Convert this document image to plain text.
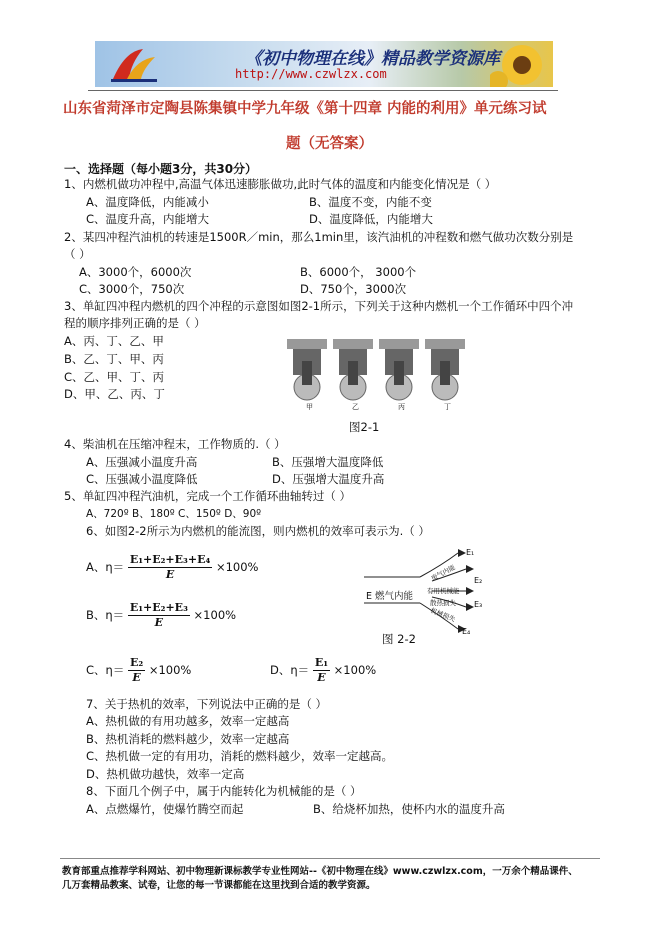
《初中物理在线》精品教学资源库
http://www.czwlzx.com
山东省菏泽市定陶县陈集镇中学九年级《第十四章 内能的利用》单元练习试
题（无答案）
一、选择题（每小题3分，共30分）
1、内燃机做功冲程中,高温气体迅速膨胀做功,此时气体的温度和内能变化情况是（ ）
A、温度降低，内能减小	B、温度不变，内能不变
C、温度升高，内能增大	D、温度降低，内能增大
2、某四冲程汽油机的转速是1500R／min，那么1min里，该汽油机的冲程数和燃气做功次数分别是
（ ）
A、3000个，6000次	B、6000个， 3000个
C、3000个，750次	D、750个，3000次
3、单缸四冲程内燃机的四个冲程的示意图如图2-1所示，下列关于这种内燃机一个工作循环中四个冲
程的顺序排列正确的是（ ）
A、丙、丁、乙、甲
B、乙、丁、甲、丙
C、乙、甲、丁、丙
D、甲、乙、丙、丁
甲	乙	丙	丁
图2-1
4、柴油机在压缩冲程末，工作物质的.（ ）
A、压强减小温度升高	B、压强增大温度降低
C、压强减小温度降低	D、压强增大温度升高
5、单缸四冲程汽油机，完成一个工作循环曲轴转过（ ）
A、720º B、180º C、150º D、90º
6、如图2-2所示为内燃机的能流图，则内燃机的效率可表示为.（ ）
A、$\eta= \frac{\text{E₁+E₂+E₃+E₄}}{E} \times 100\%$
B、$\eta= \frac{\text{E₁+E₂+E₃}}{E} \times 100\%$
C、$\eta= \frac{\text{E₂}}{E} \times 100\%$	D、$\eta= \frac{\text{E₁}}{E} \times 100\%$
E 燃气内能
废气内能
有用机械能
散热损失
机械损失
E₁
E₂
E₃
E₄
图 2-2
7、关于热机的效率，下列说法中正确的是（ ）
A、热机做的有用功越多，效率一定越高
B、热机消耗的燃料越少，效率一定越高
C、热机做一定的有用功，消耗的燃料越少，效率一定越高。
D、热机做功越快，效率一定高
8、下面几个例子中，属于内能转化为机械能的是（ ）
A、点燃爆竹，使爆竹腾空而起	B、给烧杯加热，使杯内水的温度升高
教育部重点推荐学科网站、初中物理新课标教学专业性网站--《初中物理在线》www.czwlzx.com，一万余个精品课件、
几万套精品教案、试卷，让您的每一节课都能在这里找到合适的教学资源。
